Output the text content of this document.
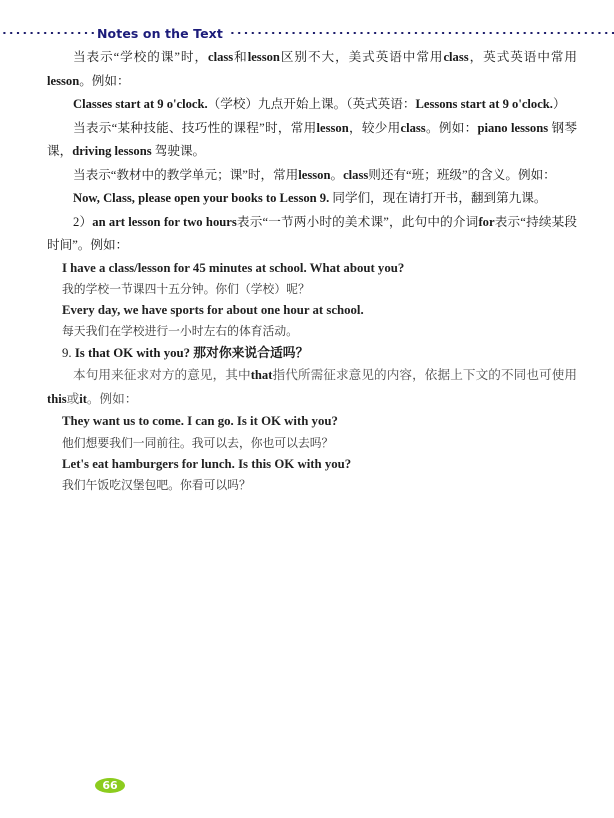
Notes on the Text

当表示“学校的课”时，class和lesson区别不大，美式英语中常用class，英式英语中常用lesson。例如：

Classes start at 9 o'clock.（学校）九点开始上课。（英式英语：Lessons start at 9 o'clock.）

当表示“某种技能、技巧性的课程”时，常用lesson，较少用class。例如：piano lessons 钢琴课，driving lessons 驾驶课。

当表示“教材中的教学单元；课”时，常用lesson。class则还有“班；班级”的含义。例如：

Now, Class, please open your books to Lesson 9. 同学们，现在请打开书，翻到第九课。

2）an art lesson for two hours表示“一节两小时的美术课”，此句中的介词for表示“持续某段时间”。例如：

I have a class/lesson for 45 minutes at school. What about you?

我的学校一节课四十五分钟。你们（学校）呢？

Every day, we have sports for about one hour at school.

每天我们在学校进行一小时左右的体育活动。

9. Is that OK with you? 那对你来说合适吗？

本句用来征求对方的意见，其中that指代所需征求意见的内容，依据上下文的不同也可使用this或it。例如：

They want us to come. I can go. Is it OK with you?

他们想要我们一同前往。我可以去，你也可以去吗？

Let's eat hamburgers for lunch. Is this OK with you?

我们午饭吃汉堡包吧。你看可以吗？

66
